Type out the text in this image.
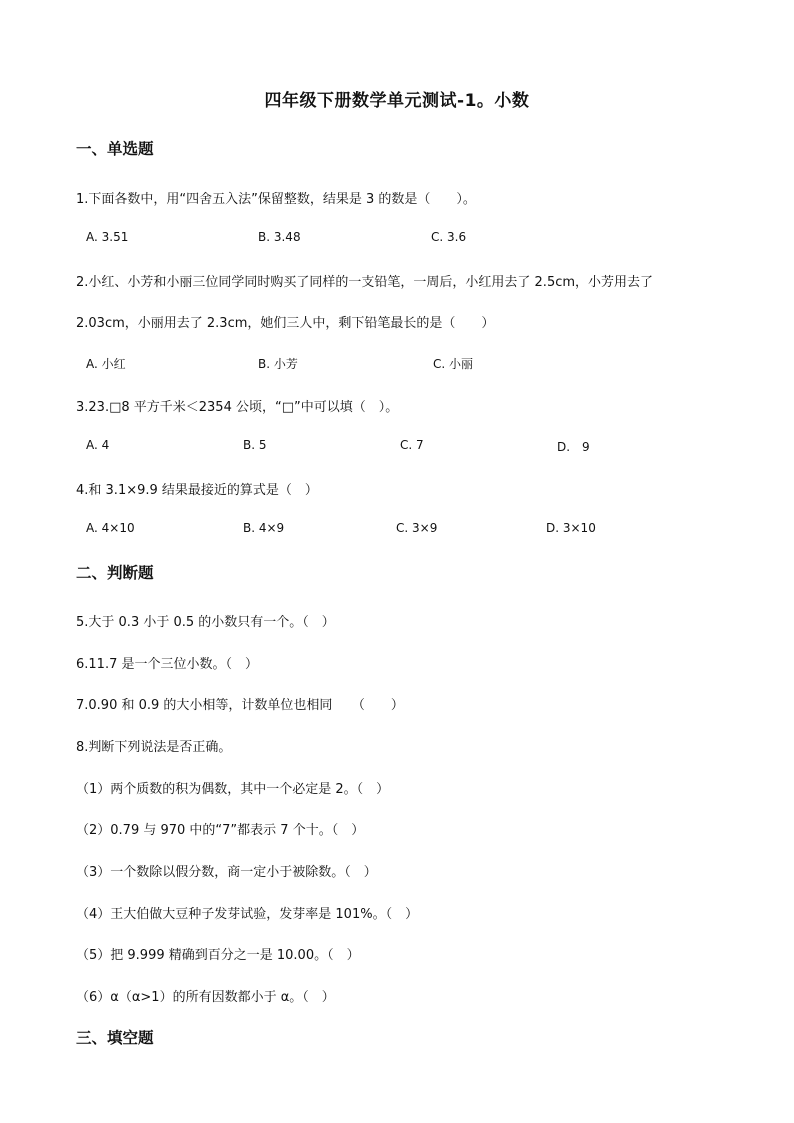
四年级下册数学单元测试-1。小数
一、单选题
1.下面各数中，用“四舍五入法”保留整数，结果是 3 的数是（　　）。
A. 3.51	B. 3.48	C. 3.6
2.小红、小芳和小丽三位同学同时购买了同样的一支铅笔，一周后，小红用去了 2.5cm，小芳用去了
2.03cm，小丽用去了 2.3cm，她们三人中，剩下铅笔最长的是（　　）
A. 小红	B. 小芳	C. 小丽
3.23.□8 平方千米＜2354 公顷，“□”中可以填（　）。
A. 4	B. 5	C. 7	D.　9
4.和 3.1×9.9 结果最接近的算式是（　）
A. 4×10	B. 4×9	C. 3×9	D. 3×10
二、判断题
5.大于 0.3 小于 0.5 的小数只有一个。（　）
6.11.7 是一个三位小数。（　）
7.0.90 和 0.9 的大小相等，计数单位也相同　　（　　）
8.判断下列说法是否正确。
（1）两个质数的积为偶数，其中一个必定是 2。（　）
（2）0.79 与 970 中的“7”都表示 7 个十。（　）
（3）一个数除以假分数，商一定小于被除数。（　）
（4）王大伯做大豆种子发芽试验，发芽率是 101%。（　）
（5）把 9.999 精确到百分之一是 10.00。（　）
（6）α（α>1）的所有因数都小于 α。（　）
三、填空题
